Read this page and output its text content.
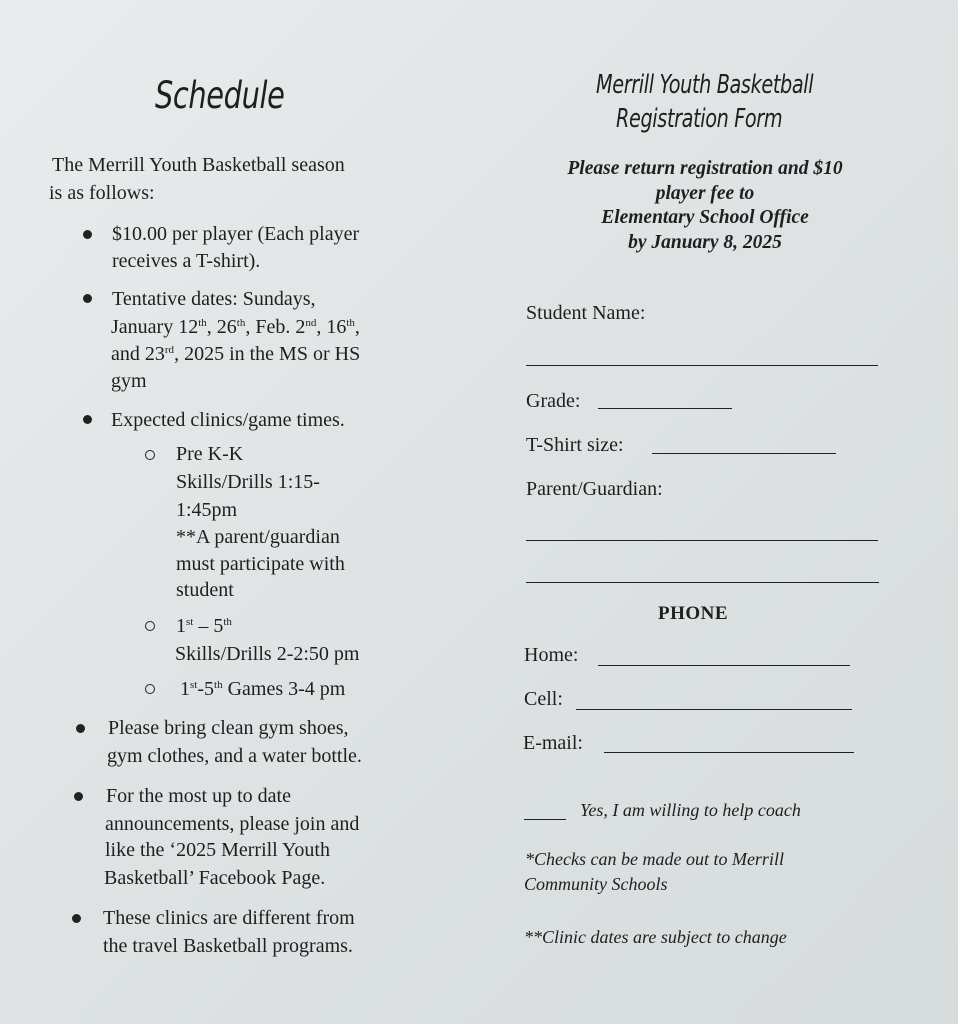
Schedule
The Merrill Youth Basketball season
is as follows:
$10.00 per player (Each player
receives a T-shirt).
Tentative dates: Sundays,
January 12th, 26th, Feb. 2nd, 16th,
and 23rd, 2025 in the MS or HS
gym
Expected clinics/game times.
Pre K-K
Skills/Drills 1:15-
1:45pm
**A parent/guardian
must participate with
student
1st – 5th
Skills/Drills 2-2:50 pm
1st-5th Games 3-4 pm
Please bring clean gym shoes,
gym clothes, and a water bottle.
For the most up to date
announcements, please join and
like the ‘2025 Merrill Youth
Basketball’ Facebook Page.
These clinics are different from
the travel Basketball programs.
Merrill Youth Basketball
Registration Form
Please return registration and $10
player fee to
Elementary School Office
by January 8, 2025
Student Name:
Grade:
T-Shirt size:
Parent/Guardian:
PHONE
Home:
Cell:
E-mail:
Yes, I am willing to help coach
*Checks can be made out to Merrill
Community Schools
**Clinic dates are subject to change
